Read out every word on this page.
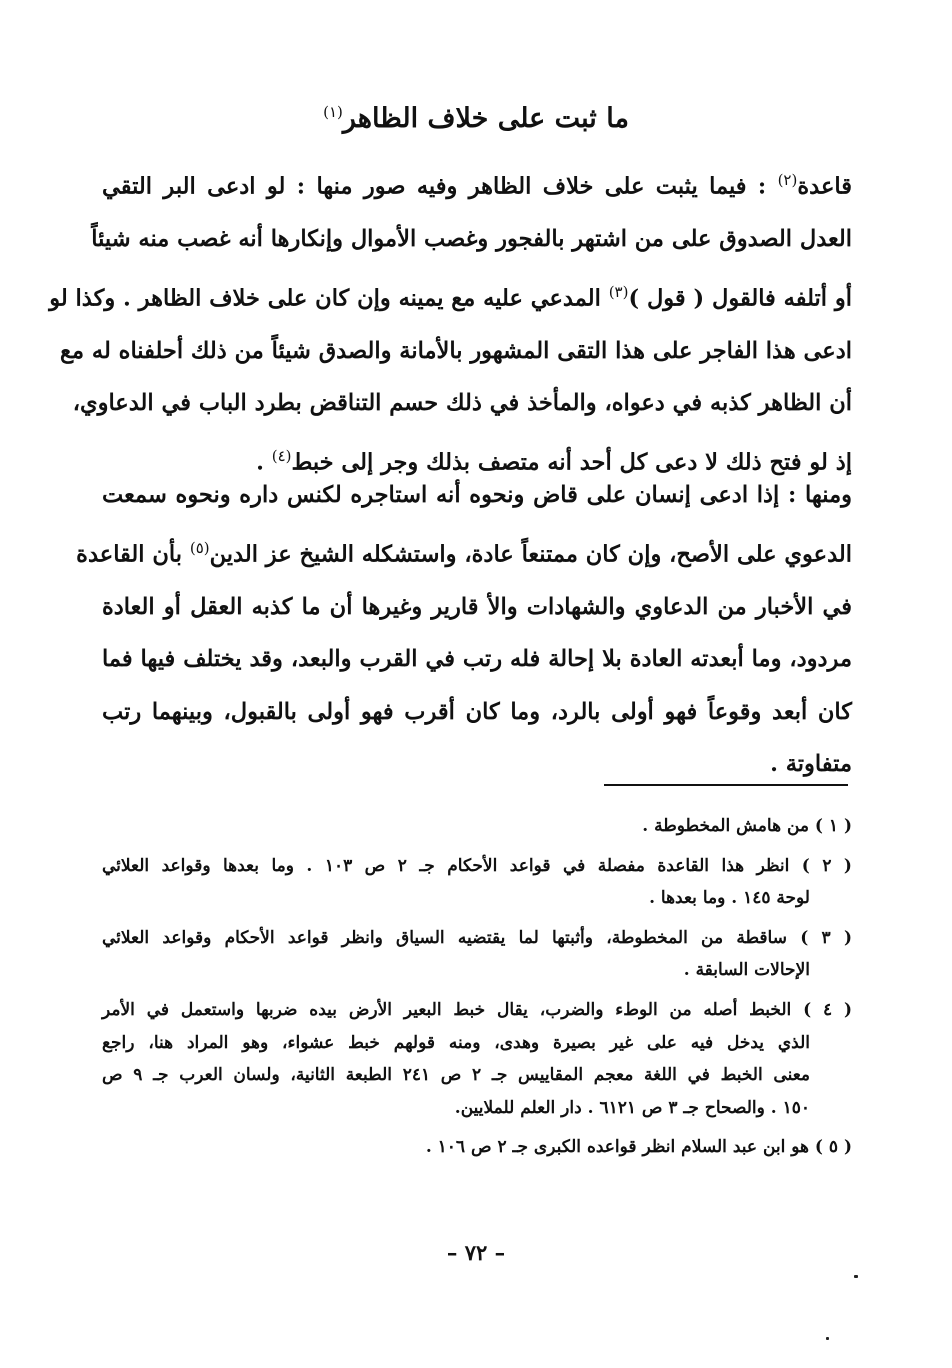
ما ثبت على خلاف الظاهر$^{(١)}$
قاعدة$^{(٢)}$ : فيما يثبت على خلاف الظاهر وفيه صور منها : لو ادعى البر التقي
العدل الصدوق على من اشتهر بالفجور وغصب الأموال وإنكارها أنه غصب منه شيئاً
أو أتلفه فالقول ( قول )$^{(٣)}$ المدعي عليه مع يمينه وإن كان على خلاف الظاهر . وكذا لو
ادعى هذا الفاجر على هذا التقى المشهور بالأمانة والصدق شيئاً من ذلك أحلفناه له مع
أن الظاهر كذبه في دعواه، والمأخذ في ذلك حسم التناقض بطرد الباب في الدعاوي،
إذ لو فتح ذلك لا دعى كل أحد أنه متصف بذلك وجر إلى خبط$^{(٤)}$ .
ومنها : إذا ادعى إنسان على قاض ونحوه أنه استاجره لكنس داره ونحوه سمعت
الدعوي على الأصح، وإن كان ممتنعاً عادة، واستشكله الشيخ عز الدين$^{(٥)}$ بأن القاعدة
في الأخبار من الدعاوي والشهادات والأ قارير وغيرها أن ما كذبه العقل أو العادة
مردود، وما أبعدته العادة بلا إحالة فله رتب في القرب والبعد، وقد يختلف فيها فما
كان أبعد وقوعاً فهو أولى بالرد، وما كان أقرب فهو أولى بالقبول، وبينهما رتب
متفاوتة .
( ١ ) من هامش المخطوطة .
( ٢ ) انظر هذا القاعدة مفصلة في قواعد الأحكام جـ ٢ ص ١٠٣ . وما بعدها وقواعد العلائي
لوحة ١٤٥ . وما بعدها .
( ٣ ) ساقطة من المخطوطة، وأثبتها لما يقتضيه السياق وانظر قواعد الأحكام وقواعد العلائي
الإحالات السابقة .
( ٤ ) الخبط أصله من الوطء والضرب، يقال خبط البعير الأرض بيده ضربها واستعمل في الأمر
الذي يدخل فيه على غير بصيرة وهدى، ومنه قولهم خبط عشواء، وهو المراد هنا، راجع
معنى الخبط في اللغة معجم المقاييس جـ ٢ ص ٢٤١ الطبعة الثانية، ولسان العرب جـ ٩ ص
١٥٠ . والصحاح جـ ٣ ص ٦١٢١ . دار العلم للملايين.
( ٥ ) هو ابن عبد السلام انظر قواعده الكبرى جـ ٢ ص ١٠٦ .
– ٧٢ –
